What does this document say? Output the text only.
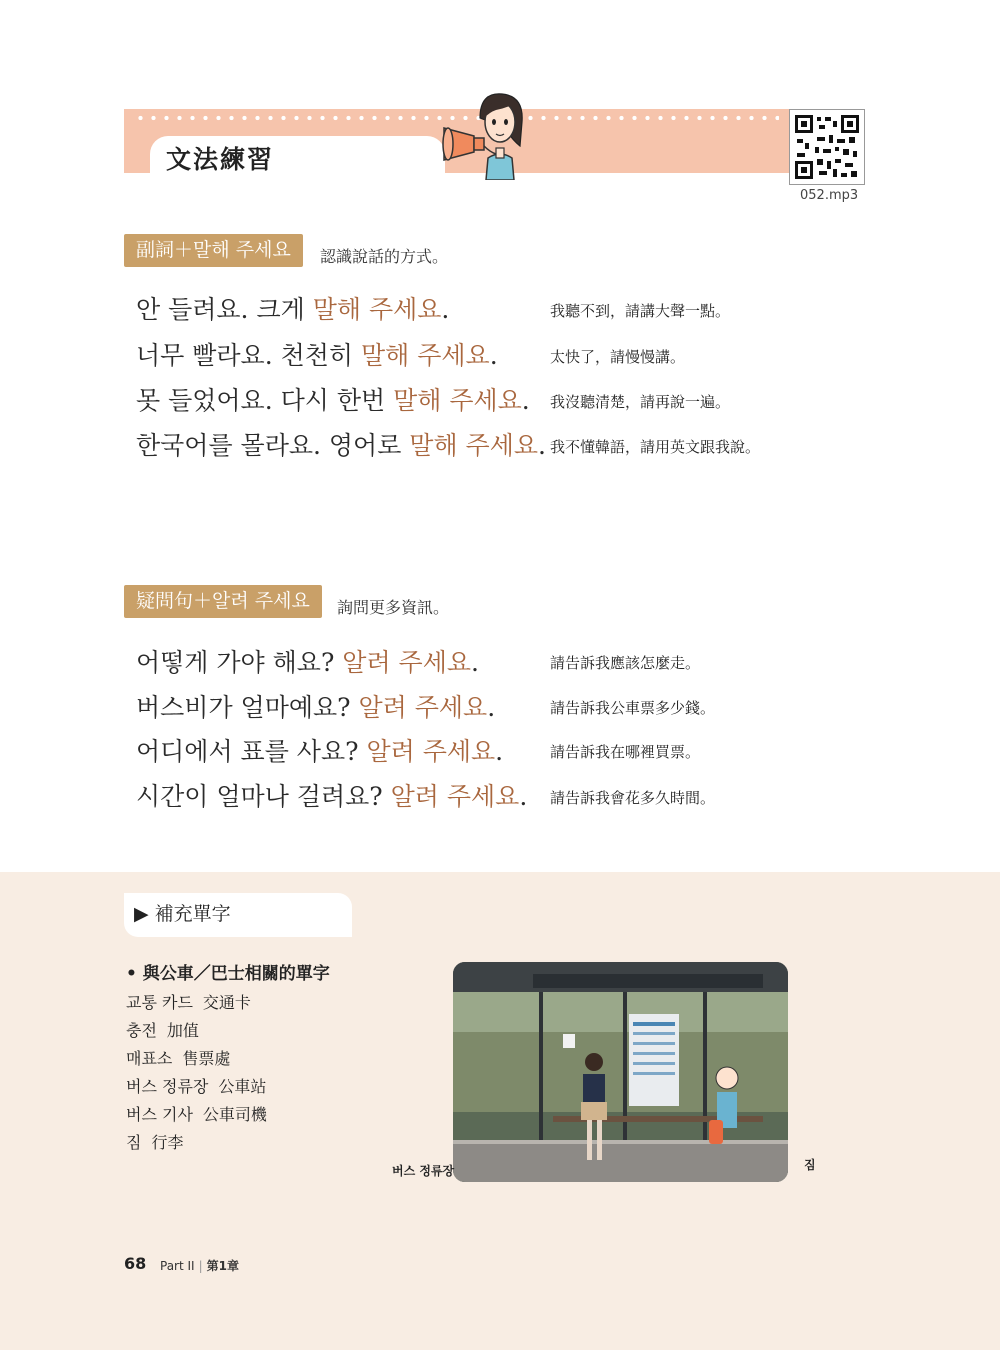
文法練習
052.mp3
副詞＋말해 주세요	認識說話的方式。
안 들려요. 크게 말해 주세요.	我聽不到，請講大聲一點。
너무 빨라요. 천천히 말해 주세요.	太快了，請慢慢講。
못 들었어요. 다시 한번 말해 주세요. 我沒聽清楚，請再說一遍。
한국어를 몰라요. 영어로 말해 주세요. 我不懂韓語，請用英文跟我說。
疑問句＋알려 주세요	詢問更多資訊。
어떻게 가야 해요? 알려 주세요.	請告訴我應該怎麼走。
버스비가 얼마예요? 알려 주세요.	請告訴我公車票多少錢。
어디에서 표를 사요? 알려 주세요.	請告訴我在哪裡買票。
시간이 얼마나 걸려요? 알려 주세요. 請告訴我會花多久時間。
▶ 補充單字
• 與公車／巴士相關的單字
교통 카드 交通卡
충전 加值
매표소 售票處
버스 정류장 公車站
버스 기사 公車司機
짐 行李
버스 정류장	짐
68 Part II | 第1章
